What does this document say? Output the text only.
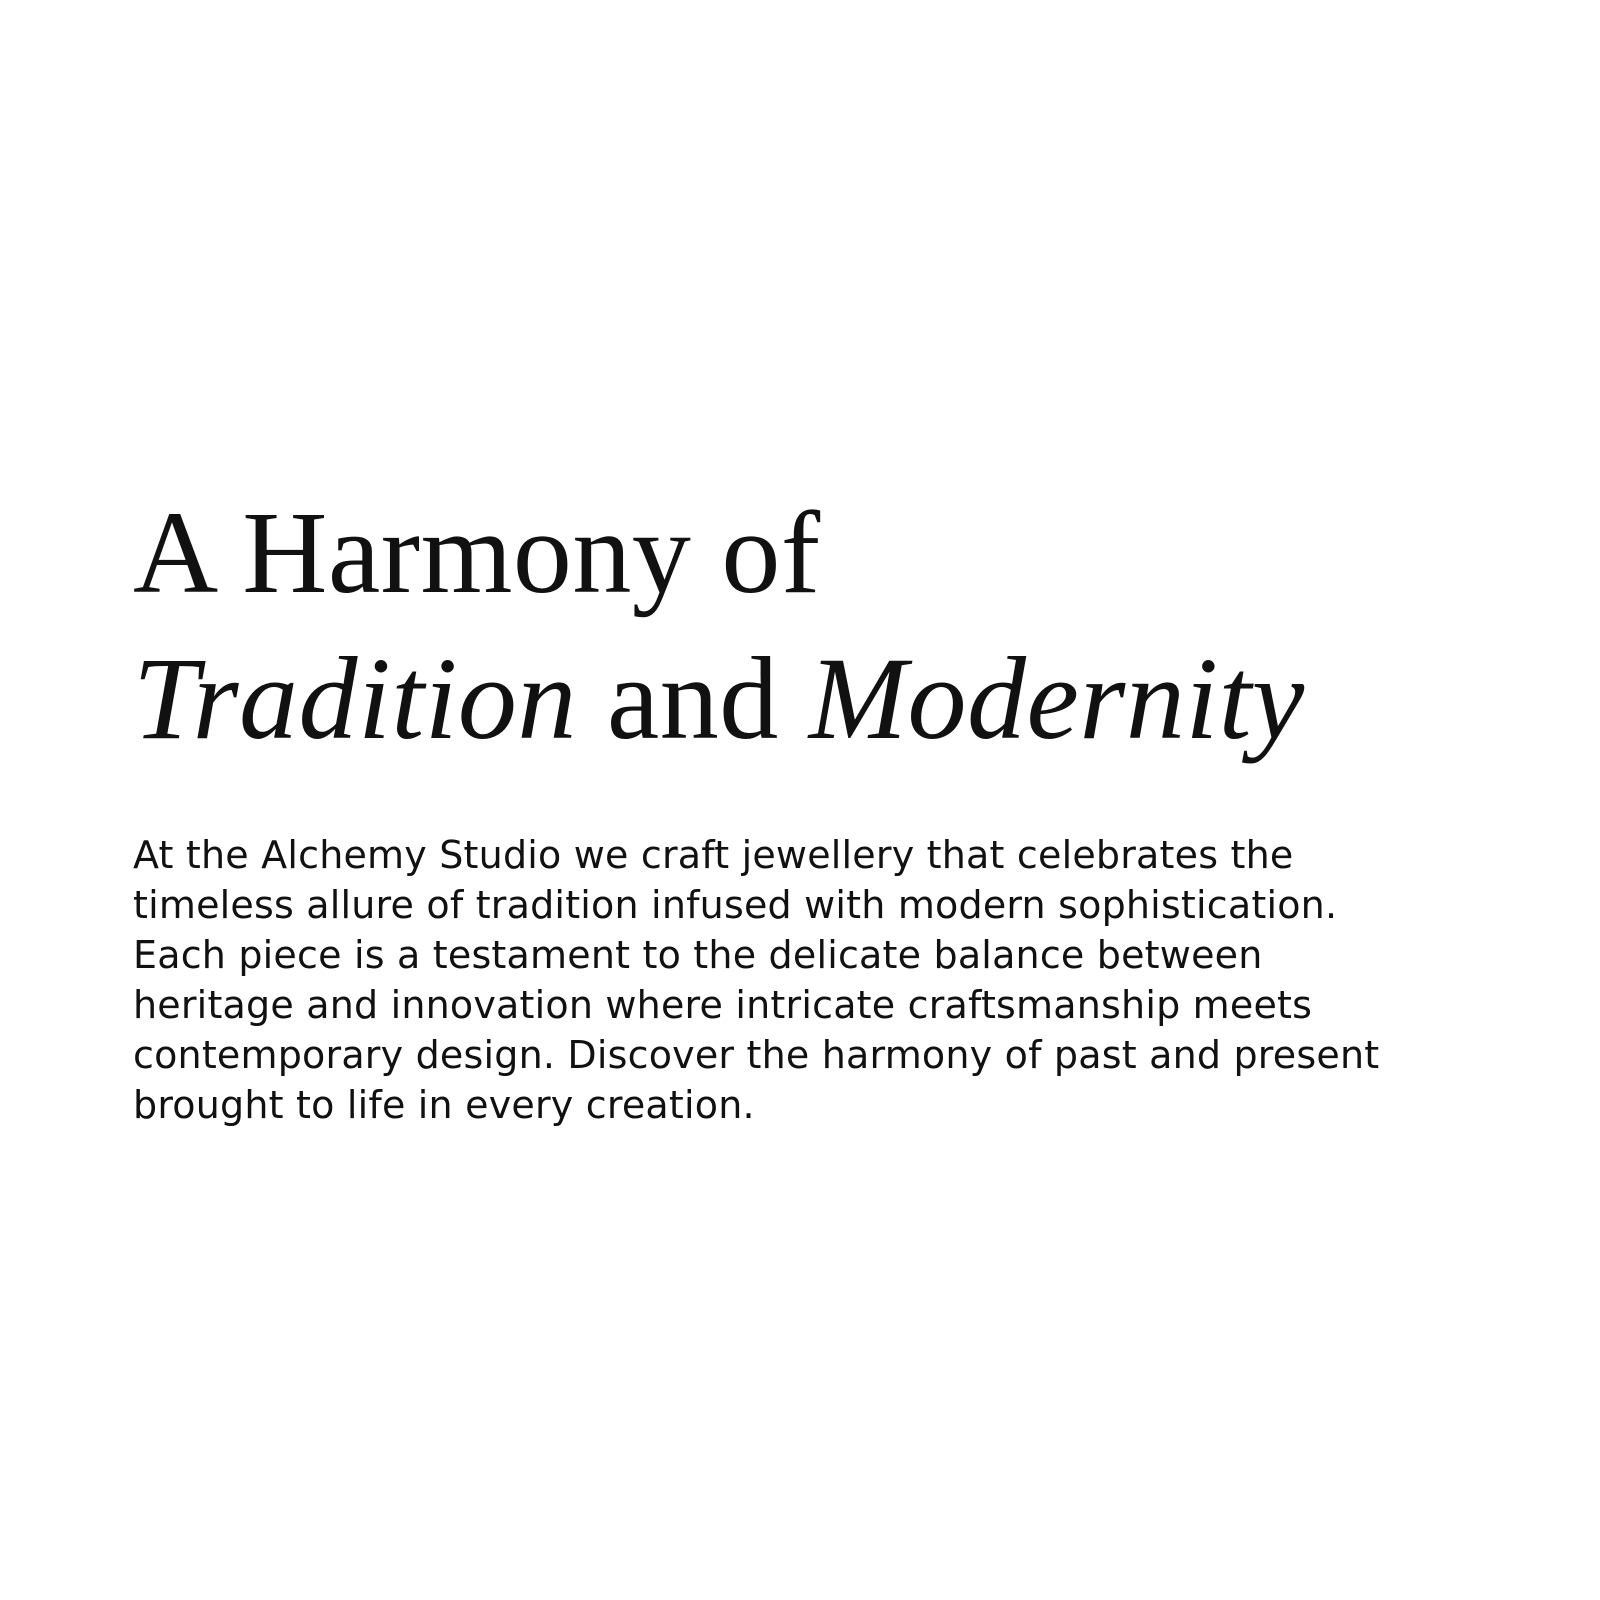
A Harmony of
Tradition and Modernity

At the Alchemy Studio we craft jewellery that celebrates the timeless allure of tradition infused with modern sophistication. Each piece is a testament to the delicate balance between heritage and innovation where intricate craftsmanship meets contemporary design. Discover the harmony of past and present brought to life in every creation.
